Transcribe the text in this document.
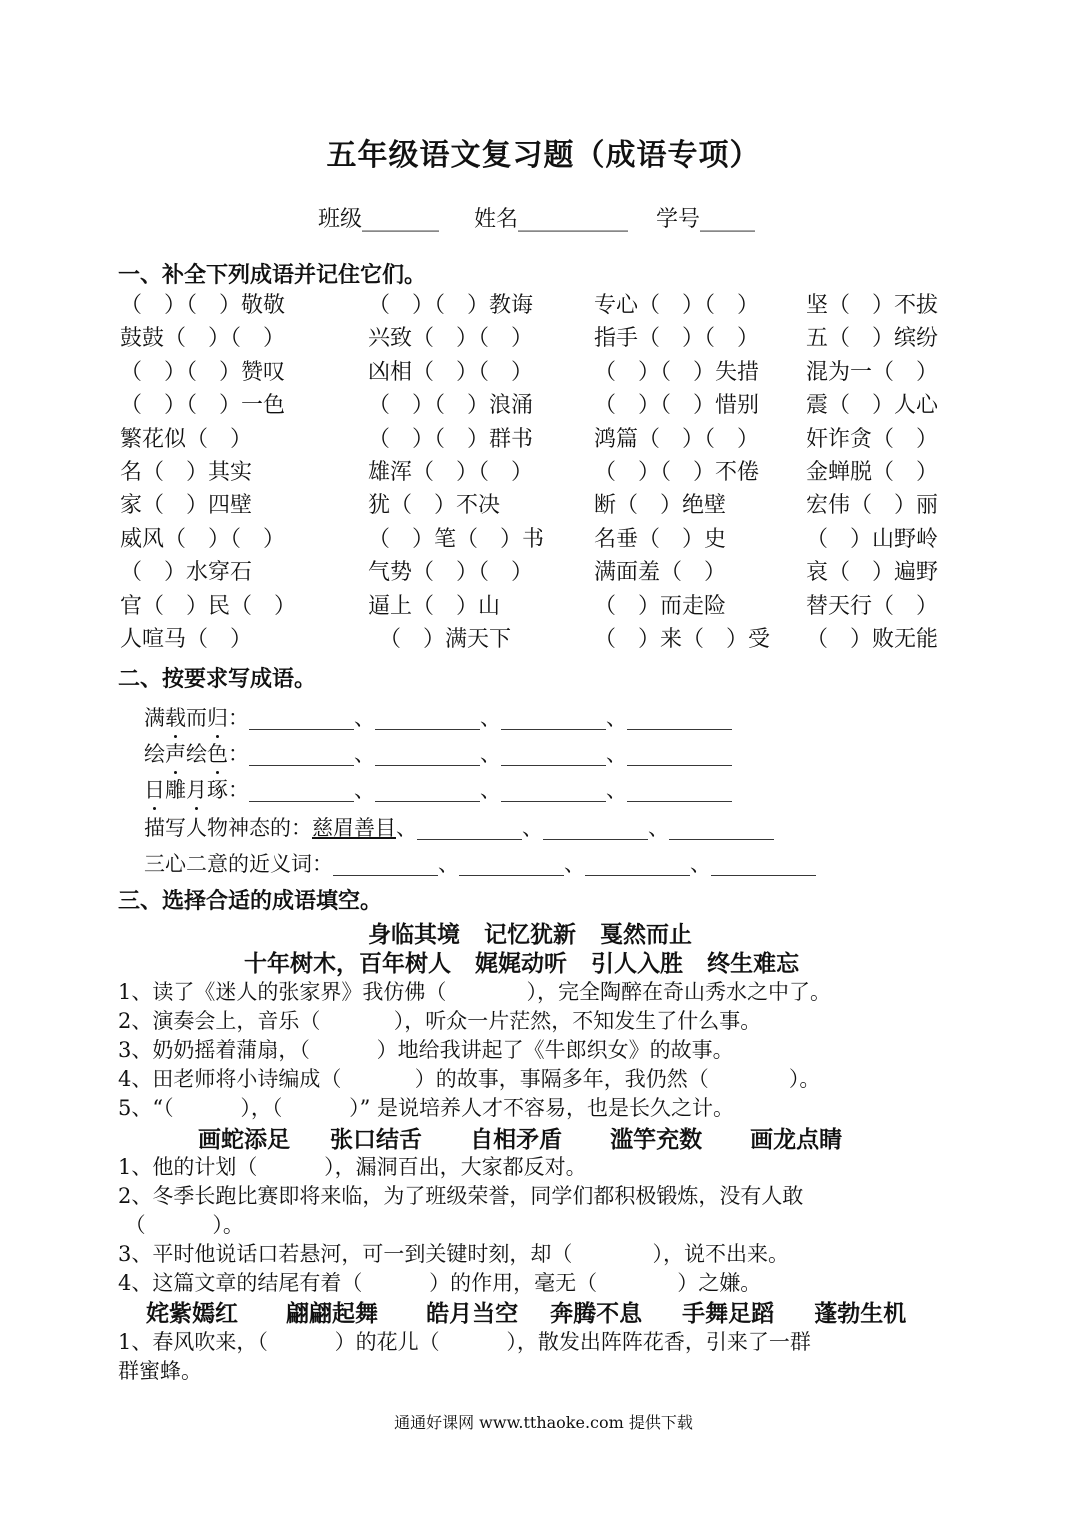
五年级语文复习题（成语专项）
班级_______     姓名__________    学号_____
一、补全下列成语并记住它们。
（　）（　）敬敬	（　）（　）教诲	专心（　）（　） 坚（　）不拔
鼓鼓（　）（　）	兴致（　）（　）	指手（　）（　） 五（　）缤纷
（　）（　）赞叹	凶相（　）（　）	（　）（　）失措 混为一（　）
（　）（　）一色	（　）（　）浪涌	（　）（　）惜别 震（　）人心
繁花似（　）	（　）（　）群书	鸿篇（　）（　） 奸诈贪（　）
名（　）其实	雄浑（　）（　）	（　）（　）不倦 金蝉脱（　）
家（　）四壁	犹（　）不决	断（　）绝壁	宏伟（　）丽
威风（　）（　）	（　）笔（　）书 名垂（　）史	（　）山野岭
（　）水穿石	气势（　）（　）	满面羞（　）	哀（　）遍野
官（　）民（　）	逼上（　）山	（　）而走险	替天行（　）
人喧马（　）	　（　）满天下	（　）来（　）受 （　）败无能
二、按要求写成语。
满载而归：__________、__________、__________、__________
绘声绘色：__________、__________、__________、__________
日雕月琢：__________、__________、__________、__________
描写人物神态的：慈眉善目、__________、__________、__________
三心二意的近义词：__________、__________、__________、__________
三、选择合适的成语填空。
身临其境   记忆犹新   戛然而止
十年树木，百年树人   娓娓动听   引人入胜   终生难忘
1、读了《迷人的张家界》我仿佛（            ），完全陶醉在奇山秀水之中了。
2、演奏会上，音乐（           ），听众一片茫然，不知发生了什么事。
3、奶奶摇着蒲扇，（          ）地给我讲起了《牛郎织女》的故事。
4、田老师将小诗编成（           ）的故事，事隔多年，我仍然（            ）。
5、“（          ），（          ）” 是说培养人才不容易，也是长久之计。
画蛇添足     张口结舌      自相矛盾      滥竽充数      画龙点睛
1、他的计划（          ），漏洞百出，大家都反对。
2、冬季长跑比赛即将来临，为了班级荣誉，同学们都积极锻炼，没有人敢
（          ）。
3、平时他说话口若悬河，可一到关键时刻，却（            ），说不出来。
4、这篇文章的结尾有着（          ）的作用，毫无（            ）之嫌。
姹紫嫣红      翩翩起舞      皓月当空    奔腾不息     手舞足蹈     蓬勃生机
1、春风吹来，（          ）的花儿（          ），散发出阵阵花香，引来了一群
群蜜蜂。
通通好课网 www.tthaoke.com 提供下载
